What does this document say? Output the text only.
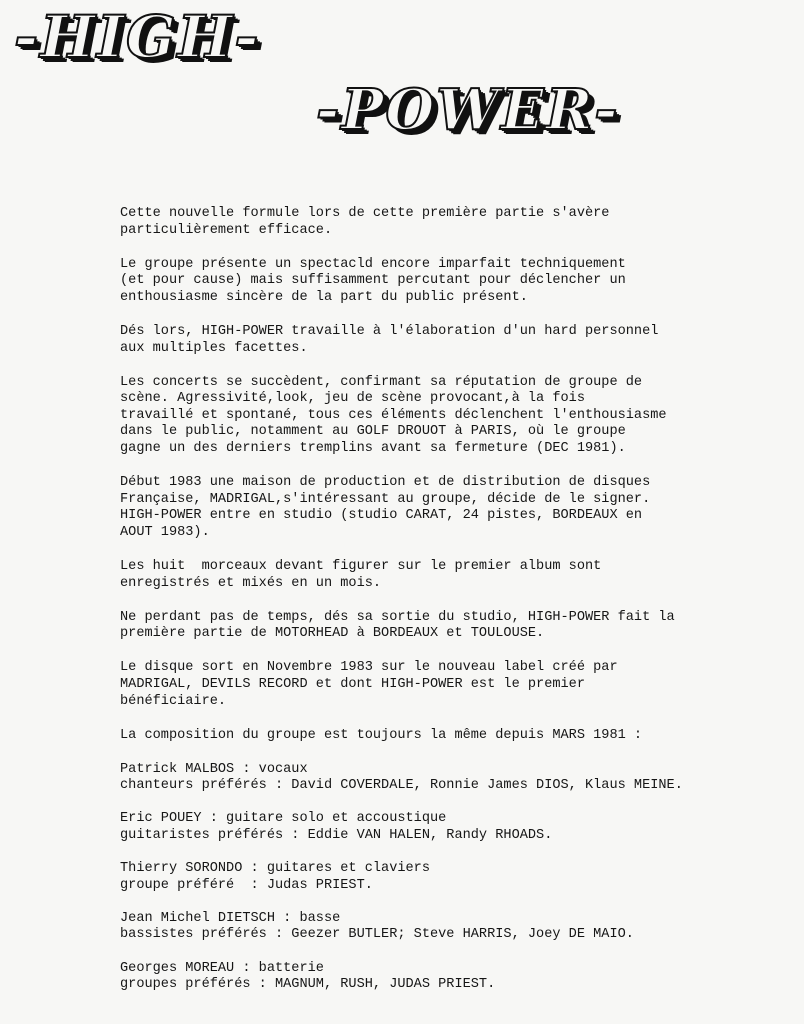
-HIGH-
-POWER-
Cette nouvelle formule lors de cette première partie s'avère
particulièrement efficace.
Le groupe présente un spectacld encore imparfait techniquement
(et pour cause) mais suffisamment percutant pour déclencher un
enthousiasme sincère de la part du public présent.
Dés lors, HIGH-POWER travaille à l'élaboration d'un hard personnel
aux multiples facettes.
Les concerts se succèdent, confirmant sa réputation de groupe de
scène. Agressivité,look, jeu de scène provocant,à la fois
travaillé et spontané, tous ces éléments déclenchent l'enthousiasme
dans le public, notamment au GOLF DROUOT à PARIS, où le groupe
gagne un des derniers tremplins avant sa fermeture (DEC 1981).
Début 1983 une maison de production et de distribution de disques
Française, MADRIGAL,s'intéressant au groupe, décide de le signer.
HIGH-POWER entre en studio (studio CARAT, 24 pistes, BORDEAUX en
AOUT 1983).
Les huit  morceaux devant figurer sur le premier album sont
enregistrés et mixés en un mois.
Ne perdant pas de temps, dés sa sortie du studio, HIGH-POWER fait la
première partie de MOTORHEAD à BORDEAUX et TOULOUSE.
Le disque sort en Novembre 1983 sur le nouveau label créé par
MADRIGAL, DEVILS RECORD et dont HIGH-POWER est le premier
bénéficiaire.
La composition du groupe est toujours la même depuis MARS 1981 :
Patrick MALBOS : vocaux
chanteurs préférés : David COVERDALE, Ronnie James DIOS, Klaus MEINE.
Eric POUEY : guitare solo et accoustique
guitaristes préférés : Eddie VAN HALEN, Randy RHOADS.
Thierry SORONDO : guitares et claviers
groupe préféré  : Judas PRIEST.
Jean Michel DIETSCH : basse
bassistes préférés : Geezer BUTLER; Steve HARRIS, Joey DE MAIO.
Georges MOREAU : batterie
groupes préférés : MAGNUM, RUSH, JUDAS PRIEST.
